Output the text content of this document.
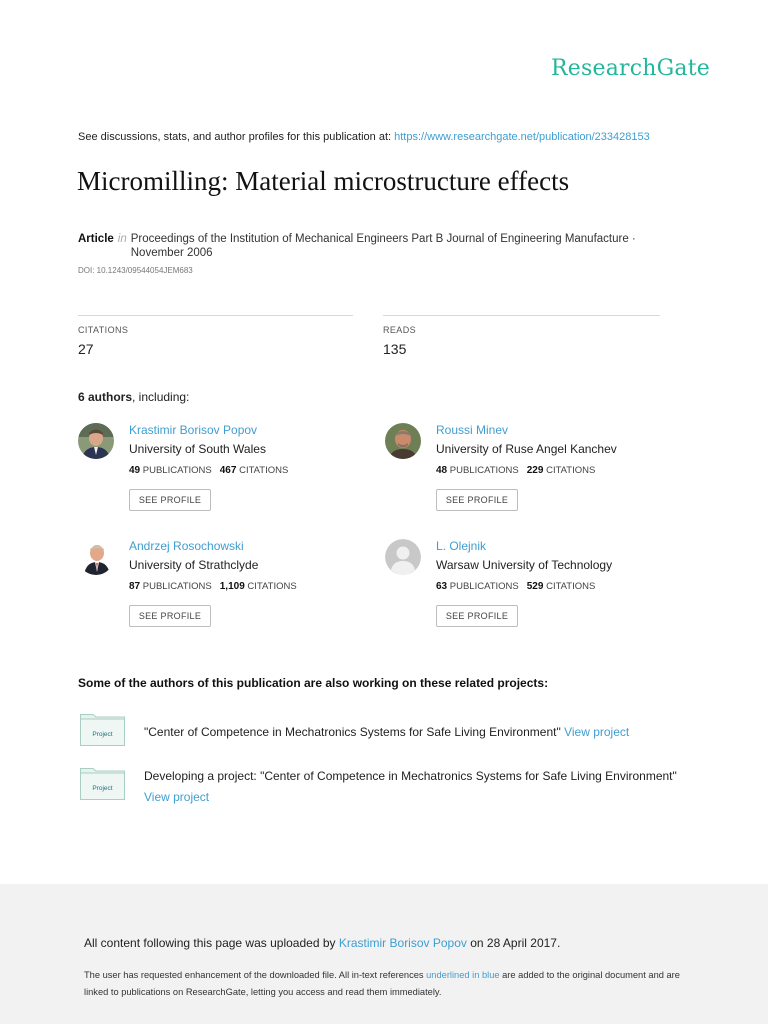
ResearchGate
See discussions, stats, and author profiles for this publication at: https://www.researchgate.net/publication/233428153
Micromilling: Material microstructure effects
Article in Proceedings of the Institution of Mechanical Engineers Part B Journal of Engineering Manufacture · November 2006
DOI: 10.1243/09544054JEM683
CITATIONS
27
READS
135
6 authors, including:
Krastimir Borisov Popov
University of South Wales
49 PUBLICATIONS 467 CITATIONS
SEE PROFILE
Roussi Minev
University of Ruse Angel Kanchev
48 PUBLICATIONS 229 CITATIONS
SEE PROFILE
Andrzej Rosochowski
University of Strathclyde
87 PUBLICATIONS 1,109 CITATIONS
SEE PROFILE
L. Olejnik
Warsaw University of Technology
63 PUBLICATIONS 529 CITATIONS
SEE PROFILE
Some of the authors of this publication are also working on these related projects:
Project	"Center of Competence in Mechatronics Systems for Safe Living Environment" View project
Project
Developing a project: "Center of Competence in Mechatronics Systems for Safe Living Environment"
View project
All content following this page was uploaded by Krastimir Borisov Popov on 28 April 2017.
The user has requested enhancement of the downloaded file. All in-text references underlined in blue are added to the original document and are linked to publications on ResearchGate, letting you access and read them immediately.
